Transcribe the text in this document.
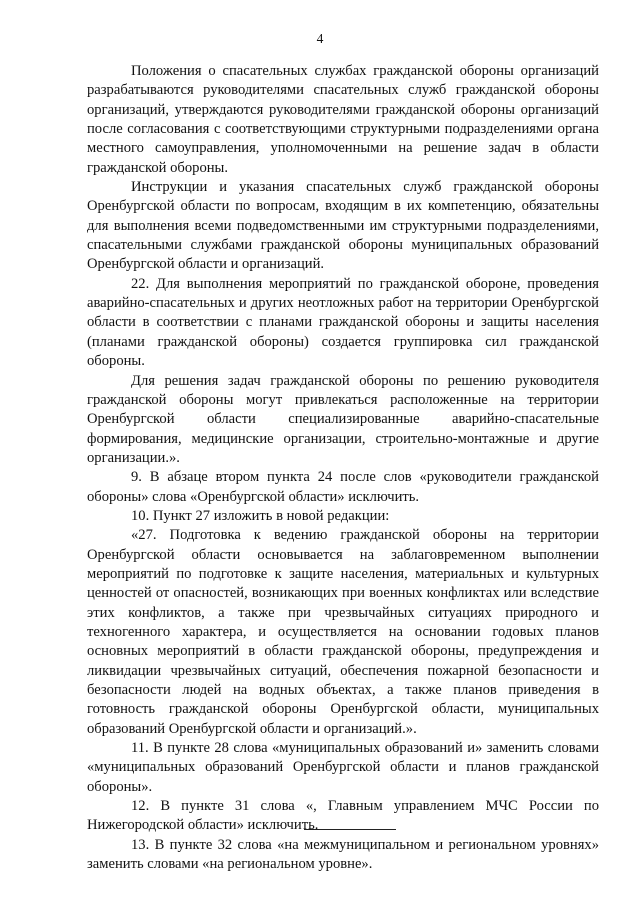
4

Положения о спасательных службах гражданской обороны организаций разрабатываются руководителями спасательных служб гражданской обороны организаций, утверждаются руководителями гражданской обороны организаций после согласования с соответствующими структурными подразделениями органа местного самоуправления, уполномоченными на решение задач в области гражданской обороны.

Инструкции и указания спасательных служб гражданской обороны Оренбургской области по вопросам, входящим в их компетенцию, обязательны для выполнения всеми подведомственными им структурными подразделениями, спасательными службами гражданской обороны муниципальных образований Оренбургской области и организаций.

22. Для выполнения мероприятий по гражданской обороне, проведения аварийно-спасательных и других неотложных работ на территории Оренбургской области в соответствии с планами гражданской обороны и защиты населения (планами гражданской обороны) создается группировка сил гражданской обороны.

Для решения задач гражданской обороны по решению руководителя гражданской обороны могут привлекаться расположенные на территории Оренбургской области специализированные аварийно-спасательные формирования, медицинские организации, строительно-монтажные и другие организации.».

9. В абзаце втором пункта 24 после слов «руководители гражданской обороны» слова «Оренбургской области» исключить.

10. Пункт 27 изложить в новой редакции:

«27. Подготовка к ведению гражданской обороны на территории Оренбургской области основывается на заблаговременном выполнении мероприятий по подготовке к защите населения, материальных и культурных ценностей от опасностей, возникающих при военных конфликтах или вследствие этих конфликтов, а также при чрезвычайных ситуациях природного и техногенного характера, и осуществляется на основании годовых планов основных мероприятий в области гражданской обороны, предупреждения и ликвидации чрезвычайных ситуаций, обеспечения пожарной безопасности и безопасности людей на водных объектах, а также планов приведения в готовность гражданской обороны Оренбургской области, муниципальных образований Оренбургской области и организаций.».

11. В пункте 28 слова «муниципальных образований и» заменить словами «муниципальных образований Оренбургской области и планов гражданской обороны».

12. В пункте 31 слова «, Главным управлением МЧС России по Нижегородской области» исключить.

13. В пункте 32 слова «на межмуниципальном и региональном уровнях» заменить словами «на региональном уровне».
